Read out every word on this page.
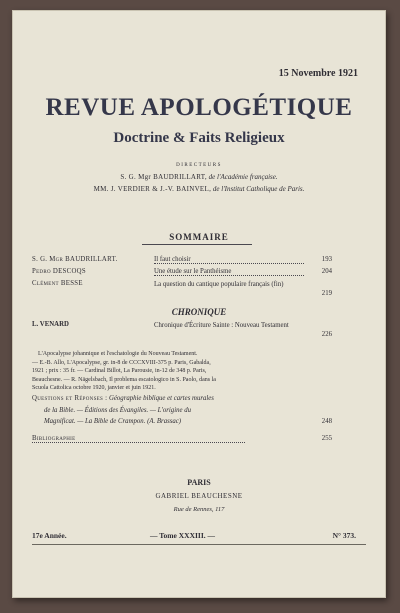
15 Novembre 1921
REVUE APOLOGÉTIQUE
Doctrine & Faits Religieux
DIRECTEURS
S. G. Mgr BAUDRILLART, de l'Académie française.
MM. J. VERDIER & J.-V. BAINVEL, de l'Institut Catholique de Paris.
SOMMAIRE
S. G. Mgr BAUDRILLART.	Il faut choisir	193
Pedro DESCOQS	Une étude sur le Panthéisme	204
Clément BESSE	La question du cantique populaire français (fin)
219
CHRONIQUE
L. VENARD	Chronique d'Écriture Sainte : Nouveau Testament
226
L'Apocalypse johannique et l'eschatologie du Nouveau Testament.
— E.-B. Allo, L'Apocalypse, gr. in-8 de CCCXVIII-375 p. Paris, Gabalda,
1921 ; prix : 35 fr. — Cardinal Billot, La Parousie, in-12 de 348 p. Paris,
Beauchesne. — R. Nägelsbach, Il problema escatologico in S. Paolo, dans la
Scuola Cattolica octobre 1920, janvier et juin 1921.
Questions et Réponses : Géographie biblique et cartes murales
de la Bible. — Éditions des Évangiles. — L'origine du
Magnificat. — La Bible de Crampon. (A. Brassac)	248
Bibliographie	255
PARIS
GABRIEL BEAUCHESNE
Rue de Rennes, 117
17e Année.	— Tome XXXIII. —	N° 373.
